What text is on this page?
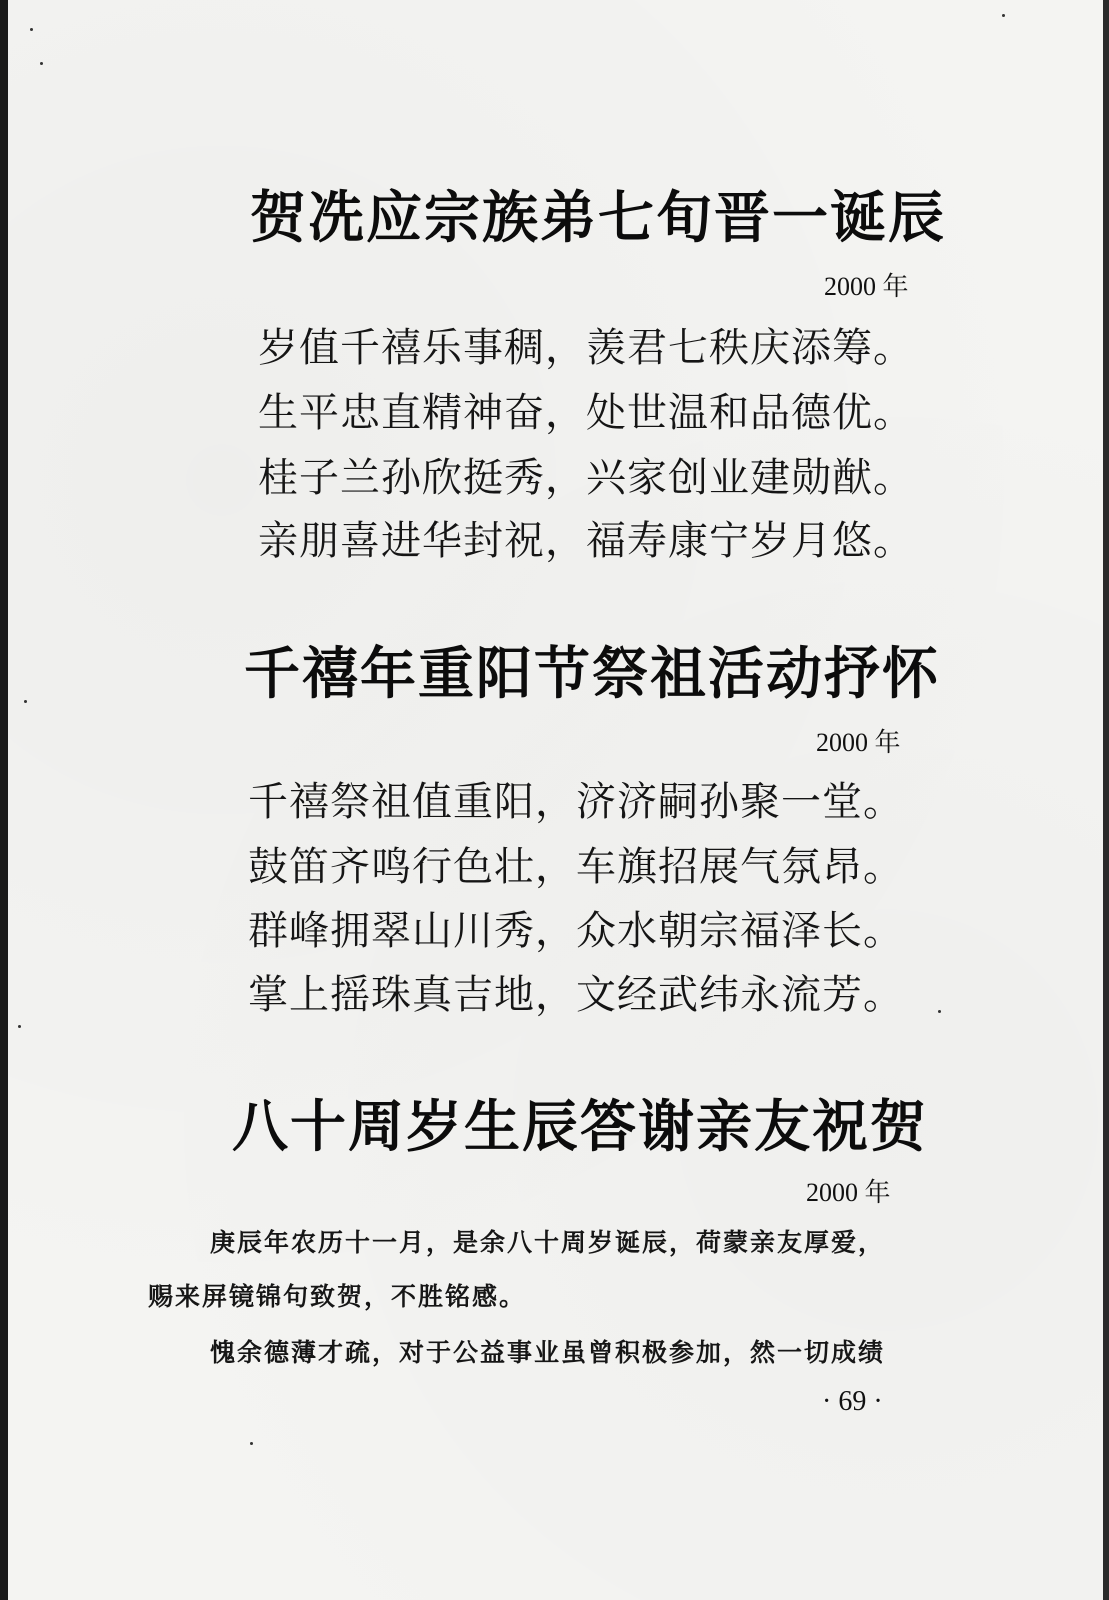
贺冼应宗族弟七旬晋一诞辰
2000 年

岁值千禧乐事稠，羡君七秩庆添筹。

生平忠直精神奋，处世温和品德优。

桂子兰孙欣挺秀，兴家创业建勋猷。

亲朋喜进华封祝，福寿康宁岁月悠。

千禧年重阳节祭祖活动抒怀
2000 年

千禧祭祖值重阳，济济嗣孙聚一堂。

鼓笛齐鸣行色壮，车旗招展气氛昂。

群峰拥翠山川秀，众水朝宗福泽长。

掌上摇珠真吉地，文经武纬永流芳。

八十周岁生辰答谢亲友祝贺
2000 年

庚辰年农历十一月，是余八十周岁诞辰，荷蒙亲友厚爱，

赐来屏镜锦句致贺，不胜铭感。

愧余德薄才疏，对于公益事业虽曾积极参加，然一切成绩

· 69 ·
